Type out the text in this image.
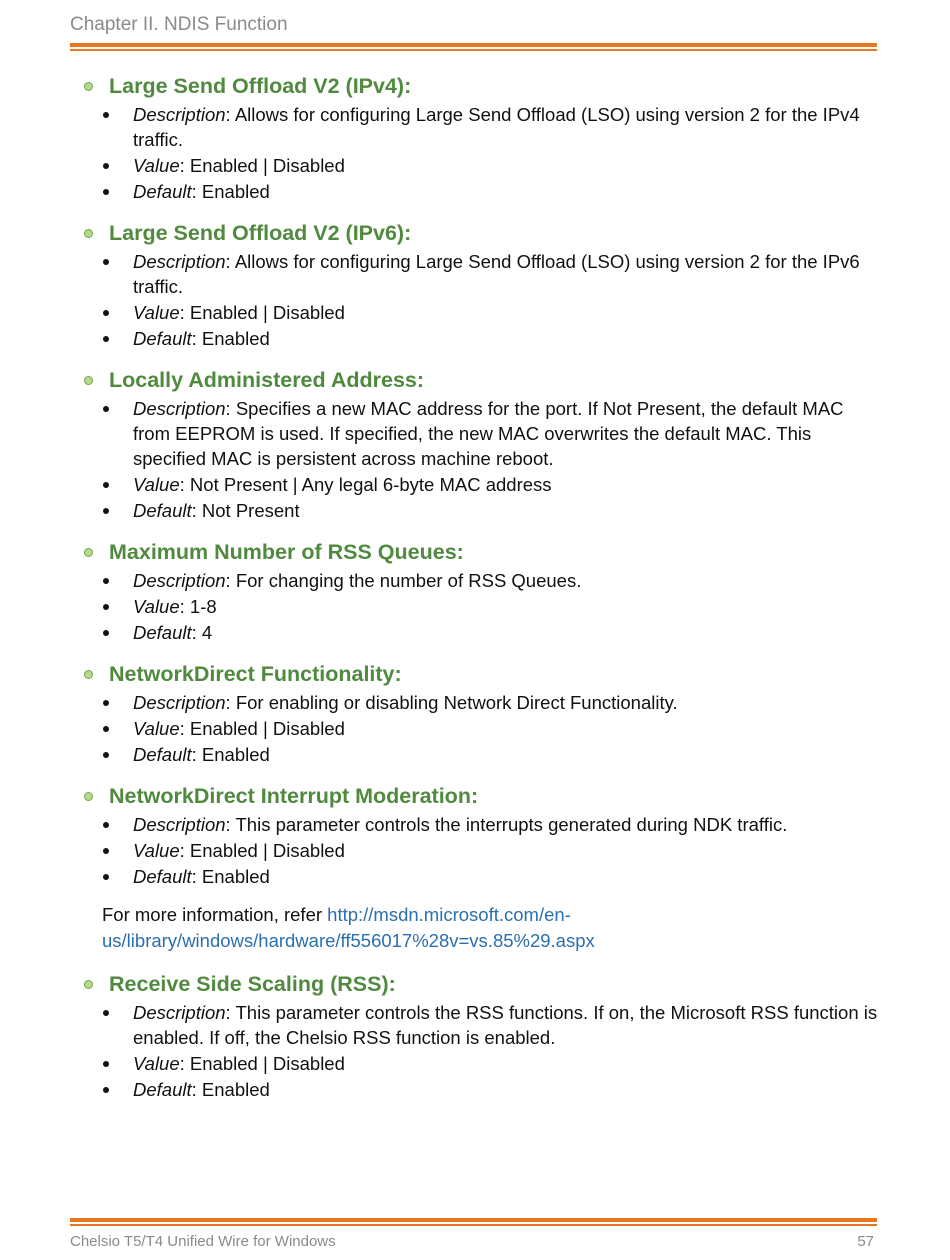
Chapter II. NDIS Function
Large Send Offload V2 (IPv4):
Description: Allows for configuring Large Send Offload (LSO) using version 2 for the IPv4 traffic.
Value: Enabled | Disabled
Default: Enabled
Large Send Offload V2 (IPv6):
Description: Allows for configuring Large Send Offload (LSO) using version 2 for the IPv6 traffic.
Value: Enabled | Disabled
Default: Enabled
Locally Administered Address:
Description: Specifies a new MAC address for the port. If Not Present, the default MAC from EEPROM is used. If specified, the new MAC overwrites the default MAC. This specified MAC is persistent across machine reboot.
Value: Not Present | Any legal 6-byte MAC address
Default: Not Present
Maximum Number of RSS Queues:
Description: For changing the number of RSS Queues.
Value: 1-8
Default: 4
NetworkDirect Functionality:
Description: For enabling or disabling Network Direct Functionality.
Value: Enabled | Disabled
Default: Enabled
NetworkDirect Interrupt Moderation:
Description: This parameter controls the interrupts generated during NDK traffic.
Value: Enabled | Disabled
Default: Enabled
For more information, refer http://msdn.microsoft.com/en-us/library/windows/hardware/ff556017%28v=vs.85%29.aspx
Receive Side Scaling (RSS):
Description: This parameter controls the RSS functions. If on, the Microsoft RSS function is enabled. If off, the Chelsio RSS function is enabled.
Value: Enabled | Disabled
Default: Enabled
Chelsio T5/T4 Unified Wire for Windows	57
